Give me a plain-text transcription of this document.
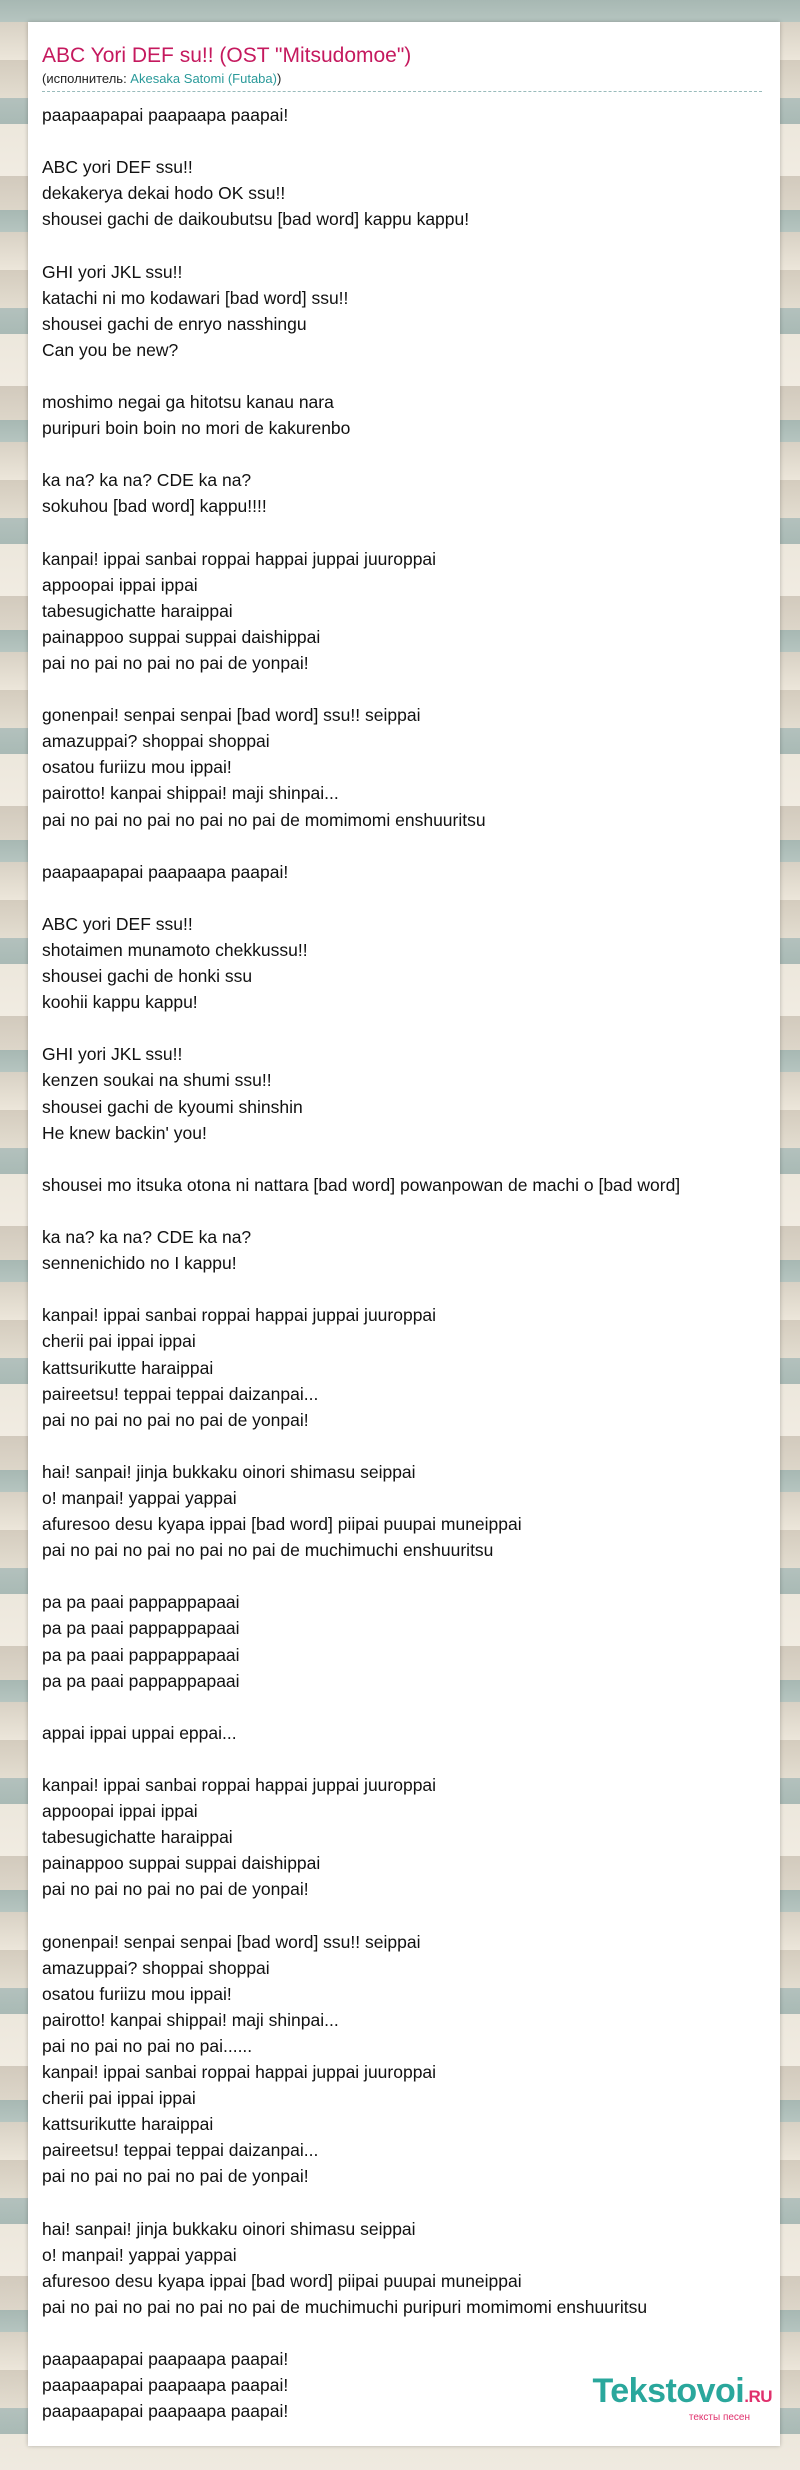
ABC Yori DEF su!! (OST "Mitsudomoe")
(исполнитель: Akesaka Satomi (Futaba))
paapaapapai paapaapa paapai!
ABC yori DEF ssu!!
dekakerya dekai hodo OK ssu!!
shousei gachi de daikoubutsu [bad word] kappu kappu!
GHI yori JKL ssu!!
katachi ni mo kodawari [bad word] ssu!!
shousei gachi de enryo nasshingu
Can you be new?
moshimo negai ga hitotsu kanau nara
puripuri boin boin no mori de kakurenbo
ka na? ka na? CDE ka na?
sokuhou [bad word] kappu!!!!
kanpai! ippai sanbai roppai happai juppai juuroppai
appoopai ippai ippai
tabesugichatte haraippai
painappoo suppai suppai daishippai
pai no pai no pai no pai de yonpai!
gonenpai! senpai senpai [bad word] ssu!! seippai
amazuppai? shoppai shoppai
osatou furiizu mou ippai!
pairotto! kanpai shippai! maji shinpai...
pai no pai no pai no pai no pai de momimomi enshuuritsu
paapaapapai paapaapa paapai!
ABC yori DEF ssu!!
shotaimen munamoto chekkussu!!
shousei gachi de honki ssu
koohii kappu kappu!
GHI yori JKL ssu!!
kenzen soukai na shumi ssu!!
shousei gachi de kyoumi shinshin
He knew backin' you!
shousei mo itsuka otona ni nattara [bad word] powanpowan de machi o [bad word]
ka na? ka na? CDE ka na?
sennenichido no I kappu!
kanpai! ippai sanbai roppai happai juppai juuroppai
cherii pai ippai ippai
kattsurikutte haraippai
paireetsu! teppai teppai daizanpai...
pai no pai no pai no pai de yonpai!
hai! sanpai! jinja bukkaku oinori shimasu seippai
o! manpai! yappai yappai
afuresoo desu kyapa ippai [bad word] piipai puupai muneippai
pai no pai no pai no pai no pai de muchimuchi enshuuritsu
pa pa paai pappappapaai
pa pa paai pappappapaai
pa pa paai pappappapaai
pa pa paai pappappapaai
appai ippai uppai eppai...
kanpai! ippai sanbai roppai happai juppai juuroppai
appoopai ippai ippai
tabesugichatte haraippai
painappoo suppai suppai daishippai
pai no pai no pai no pai de yonpai!
gonenpai! senpai senpai [bad word] ssu!! seippai
amazuppai? shoppai shoppai
osatou furiizu mou ippai!
pairotto! kanpai shippai! maji shinpai...
pai no pai no pai no pai......
kanpai! ippai sanbai roppai happai juppai juuroppai
cherii pai ippai ippai
kattsurikutte haraippai
paireetsu! teppai teppai daizanpai...
pai no pai no pai no pai de yonpai!
hai! sanpai! jinja bukkaku oinori shimasu seippai
o! manpai! yappai yappai
afuresoo desu kyapa ippai [bad word] piipai puupai muneippai
pai no pai no pai no pai no pai de muchimuchi puripuri momimomi enshuuritsu
paapaapapai paapaapa paapai!
paapaapapai paapaapa paapai!
paapaapapai paapaapa paapai!
Tekstovoi.RU
тексты песен
